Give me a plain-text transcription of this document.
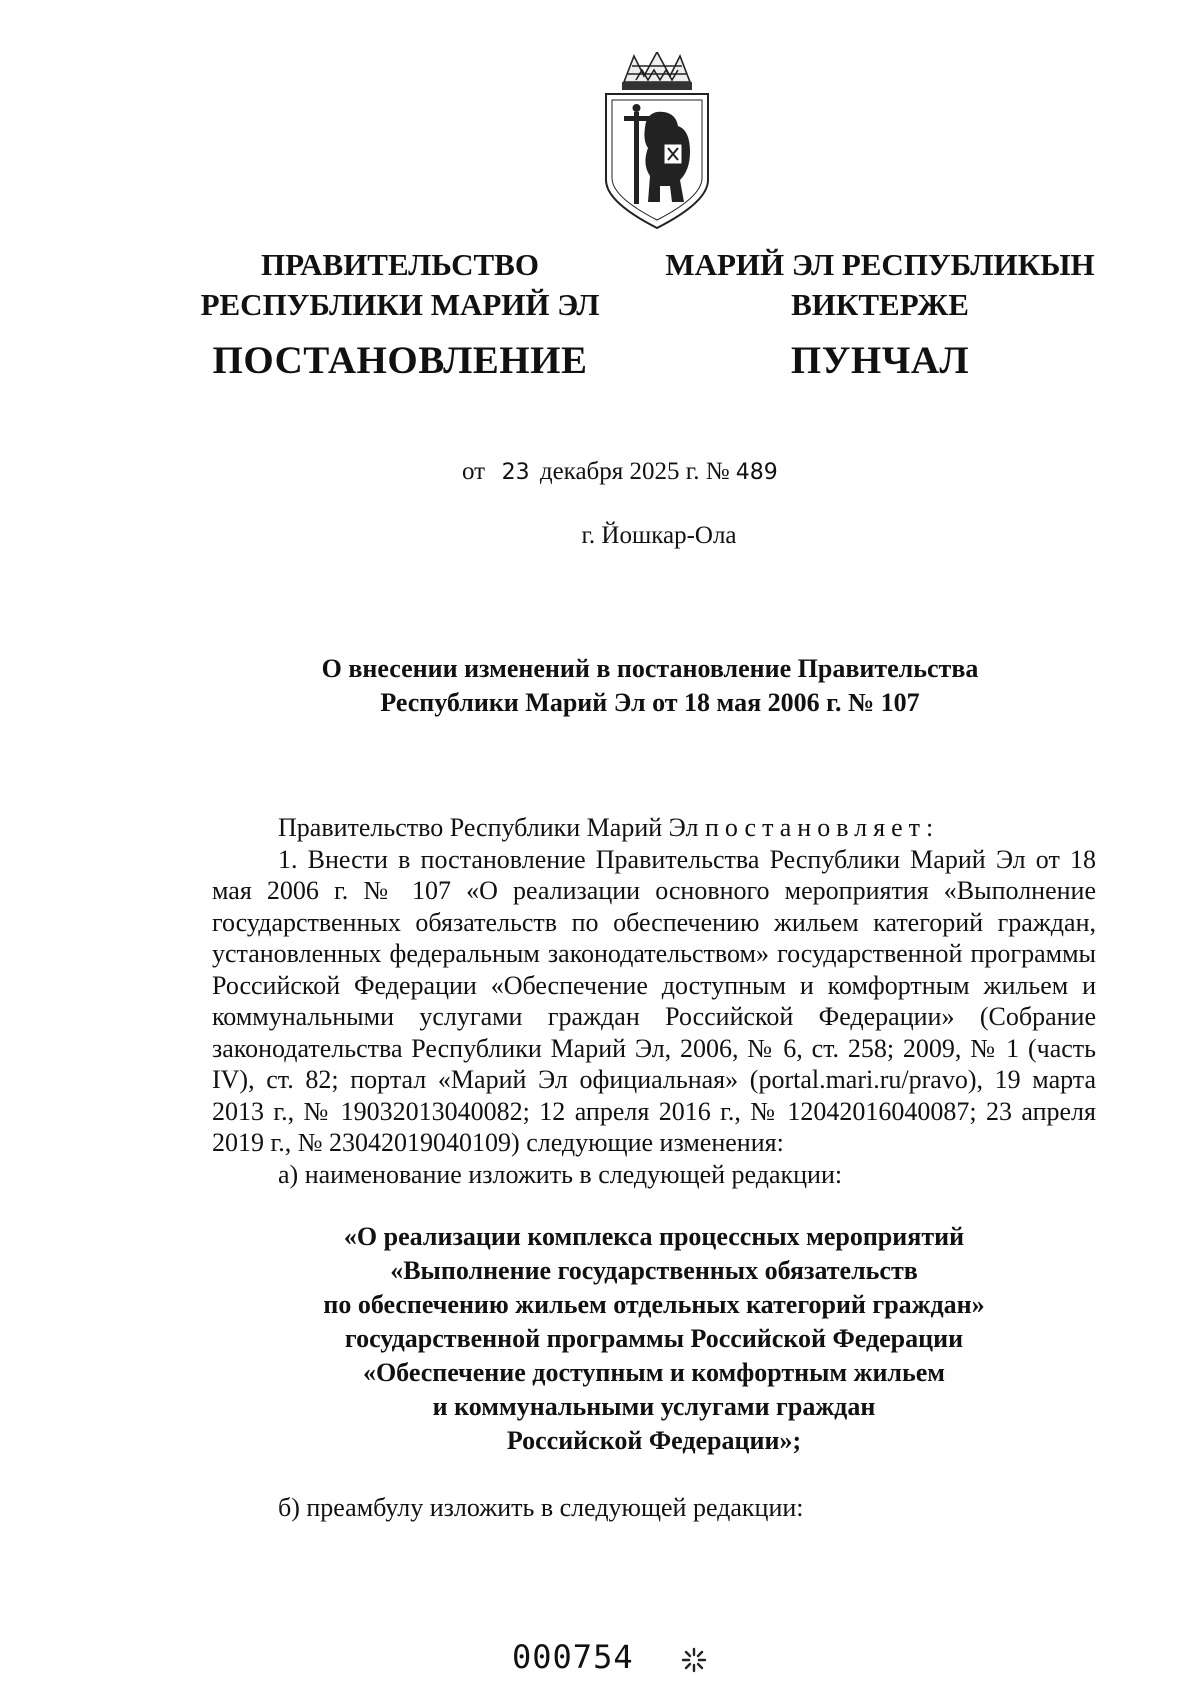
ПРАВИТЕЛЬСТВО
РЕСПУБЛИКИ МАРИЙ ЭЛ
ПОСТАНОВЛЕНИЕ
МАРИЙ ЭЛ РЕСПУБЛИКЫН
ВИКТЕРЖЕ
ПУНЧАЛ
от 23 декабря 2025 г. № 489
г. Йошкар-Ола
О внесении изменений в постановление Правительства
Республики Марий Эл от 18 мая 2006 г. № 107

Правительство Республики Марий Эл постановляет:

1. Внести в постановление Правительства Республики Марий Эл от 18 мая 2006 г. № 107 «О реализации основного мероприятия «Выполнение государственных обязательств по обеспечению жильем категорий граждан, установленных федеральным законодательством» государственной программы Российской Федерации «Обеспечение доступным и комфортным жильем и коммунальными услугами граждан Российской Федерации» (Собрание законодательства Республики Марий Эл, 2006, № 6, ст. 258; 2009, № 1 (часть IV), ст. 82; портал «Марий Эл официальная» (portal.mari.ru/pravo), 19 марта 2013 г., № 19032013040082; 12 апреля 2016 г., № 12042016040087; 23 апреля 2019 г., № 23042019040109) следующие изменения:

а) наименование изложить в следующей редакции:

«О реализации комплекса процессных мероприятий
«Выполнение государственных обязательств
по обеспечению жильем отдельных категорий граждан»
государственной программы Российской Федерации
«Обеспечение доступным и комфортным жильем
и коммунальными услугами граждан
Российской Федерации»;

б) преамбулу изложить в следующей редакции:

000754
